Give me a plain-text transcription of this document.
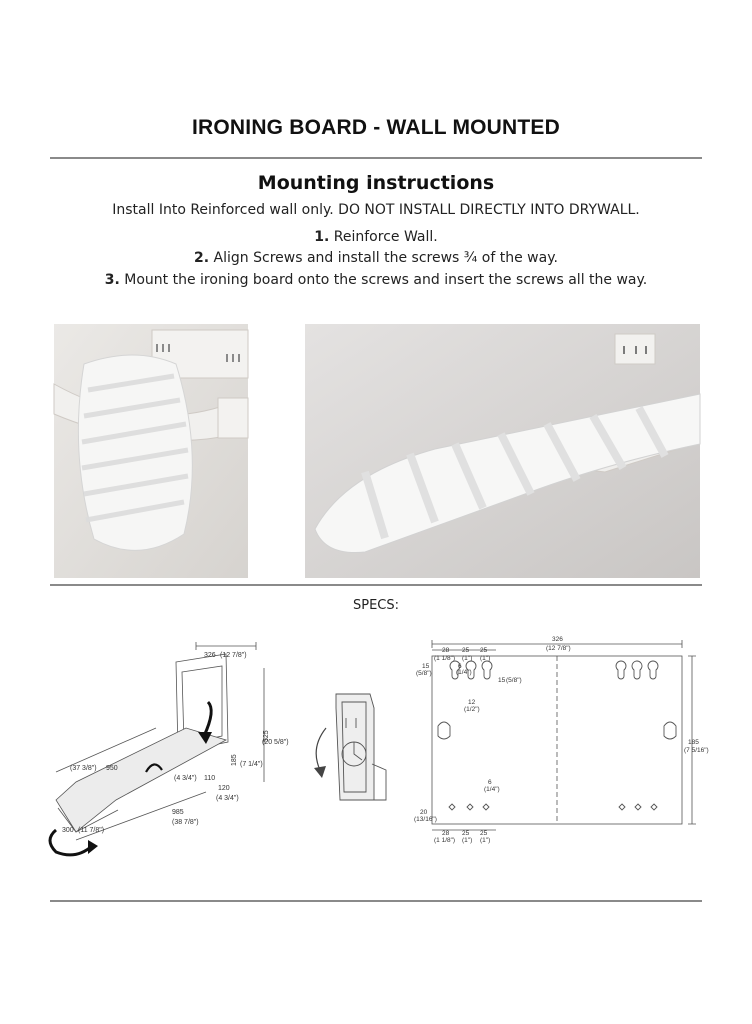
IRONING BOARD - WALL MOUNTED
Mounting instructions
Install Into Reinforced wall only. DO NOT INSTALL DIRECTLY INTO DRYWALL.
1. Reinforce Wall.
2. Align Screws and install the screws ¾ of the way.
3. Mount the ironing board onto the screws and insert the screws all the way.
SPECS:
326 (12 7/8")
525
(20 5/8")
185 (7 1/4")
(37 3/8") 950
(4 3/4") 110
120
(4 3/4")
985
(38 7/8")
300 (11 7/8")
326
(12 7/8")
185
(7 5/16")
28
(1 1/8")
25
(1")
25
(1")
15
(5/8")
6
(1/4")
15 (5/8")
12
(1/2")
6
(1/4")
20
(13/16")
28
(1 1/8")
25
(1")
25
(1")
